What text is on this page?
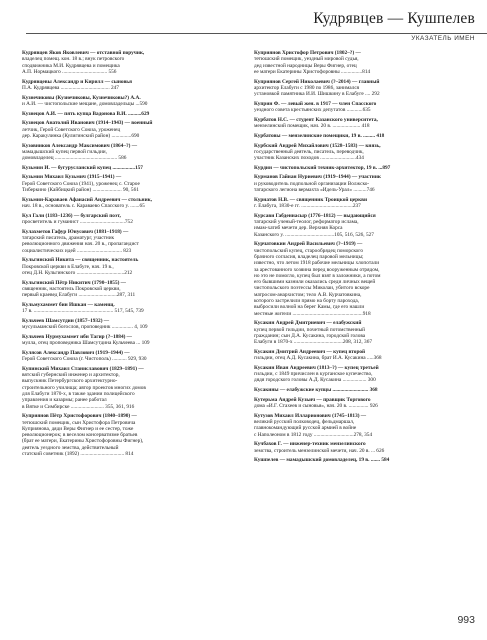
Кудрявцев — Кушпелев
УКАЗАТЕЛЬ ИМЕН
Кудрявцев Яков Яковлевич — отставной поручик,
владелец помещ. кон. 18 в.; внук петровского
сподвижника М.И. Кудрявцева и помещика
А.П. Нормацкого .................................. 556
Кудрявцевы Александр и Кирилл — сыновья
П.А. Кудрявцева ..................................... 247
Кузнечиковы (Кузнечиковы, Кузнечиковы?) А.А.
и А.И. — чистопольские мещане, домовладельцы ...590
Кузнецов А.И. — пять купца Вадонова В.И. ..........629
Кузнецов Анатолий Иванович (1914–1943) — военный
летчик, Герой Советского Союза, уроженец
дер. Каракулинка (Кулигинский район) ...............690
Кузовников Александр Максимович (1864–?) —
мамадышский купец первой гильдии,
домовладелец ............................................... 586
Кузьмин И. — бугурусланский купец .................157
Кузьмин Михаил Кузьмич (1915–1941) —
Герой Советского Союза (1941), уроженец с. Старое
Тиберкино (Кайбицкий район) ...................... 90, 561
Кузьмин-Караваев Афанасий Андреевич — стольник,
нач. 18 в., основатель с. Караваево Спасского у. .......65
Кул Гали (1183–1236) — булгарский поэт,
просветитель и гуманист ..................................752
Кулахметов Гафур Юнусович (1881–1918) —
татарский писатель, драматург, участник
революционного движения нач. 20 в., пропагандист
социалистических идей .................................. 823
Кульгинский Никита — священник, настоятель
Покровской церкви в Елабуге, нач. 19 в.,
отец Д.Н. Кульгинского ....................................212
Кульгинский Пётр Никитич (1790–1855) —
священник, настоятель Покровской церкви,
первый краевед Елабуги .............................287, 311
Кульмухаммет бин Ишкан — каменщ.
17 в. ............................................................ 517, 545, 739
Кульчеев Шамсутдин (1857–1932) —
мусульманский богослов, проповедник ................ 4, 109
Кульчеев Нурмухаммет ибн Тагир (?–1884) —
мулла, отец проповедника Шамсутдина Кульчеева ... 109
Кулясов Александр Павлович (1919–1944) —
Герой Советского Союза (г. Чистополь) ........... 929, 930
Купинский Михаил Станиславович (1829–1891) —
вятский губернский инженер и архитектор,
выпускник Петербургского архитектурно-
строительного училища; автор проектов многих домов
для Елабуги 1870-х, в также здании полицейского
управления и казармы; ранее работал
в Вятке и Симбирске ......................... 355, 361, 916
Куприянов Пётр Христофорович (1840–1890) —
тетюшский помещик, сын Христофора Петровича
Куприянова, дяди Веры Фигнер и ее сестер, тоже
революционерок; в веселом консерватизме братьев
(брат ее матери, Екатерины Христофоровны Фигнер),
деятель уездного земства, действительный
статский советник (1892) ................................. 814
Куприянов Христофор Петрович (1802–?) —
тетюшский помещик, уездный мировой судья,
дед известной народницы Веры Фигнер, отец
ее матери Екатерины Христофоровны ................814
Куприянов Сергей Николаевич (?–2014) — главный
архитектор Елабуги с 1980 по 1986, занимался
установкой памятника И.И. Шишкину в Елабуге .... 292
Куприн Ф. — левый жен. в 1917 — член Спасского
уездного совета крестьянских депутатов ............635
Курбатов Н.С. — студент Казанского университета,
мензелинский помещик, нач. 20 в. ..................... 418
Курбатовы — мензелинские помещики, 19 в. ......... 418
Курбский Андрей Михайлович (1528–1583) — князь,
государственный деятель, писатель, переводчик,
участник Казанских походов ...........................434
Курдин — чистопольский техник-архитектор, 19 в. ...897
Курманов Гайнан Нуриевич (1919–1944) — участник
и руководитель подпольной организации Волжско-
татарского легиона вермахта «Идель-Урал» ..........746
Курнатов Н.В. — священник Троицкой церкви
г. Елабуга, 1830-е гг. .......................................237
Курсави Габденнасыр (1776–1812) — выдающийся
татарский ученый-теолог, реформатор ислама,
имам-хатиб мечети дер. Верхняя Корса
Казанского у. .....................................105, 516, 526, 527
Курчатовкин Андрей Васильевич (?–1919) —
чистопольский купец, старообрядец поморского
брачного согласия, владелец паровой мельницы;
известно, что летом 1918 рабочие мельницы хлопотали
за арестованного хозяина перед вооруженным отрядом,
но это не помогло, купец был взят в заложники, а потом
его бывшими казнили оказались среди личных вещей
чистопольского поэтессы Миколаи, убитого вскоре
матросом-анархистом; тело А.В. Курчатовкина,
которого застрелили прямо на борту парохода,
выбросили волной на берег Камы, где его нашли
местные жители .....................................................918
Кусакин Андрей Дмитриевич — елабужский
купец первой гильдии, почетный потомственный
гражданин; сын Д.А. Кусакина, городской голова
Елабуги в 1870-х .....................................208, 312, 367
Кусакин Дмитрий Андреевич — купец второй
гильдии, отец А.Д. Кусакина, брат И.А. Кусакина .....368
Кусакин Иван Андреевич (1813–?) — купец третьей
гильдии, с 1849 причислен в курганское купечество,
дядя городского головы А.Д. Кусакина .................. 300
Кусакины — елабужские купцы ........................... 368
Кутерьма Андрей Кузьич — правщик Торгового
дома «И.Г. Стахеев и сыновья», нач. 20 в. ............... 926
Кутузов Михаил Илларионович (1745–1813) —
великий русский полководец, фельдмаршал,
главнокомандующий русской армией в войне
с Наполеоном в 1812 году ..............................278, 354
Кучбахов Г. — инженер-техник мензелинского
земства, строитель мензелинской мечети, нач. 20 в. ... 626
Кушпелев — мамадышский домовладелец, 19 в. ....... 584
993
